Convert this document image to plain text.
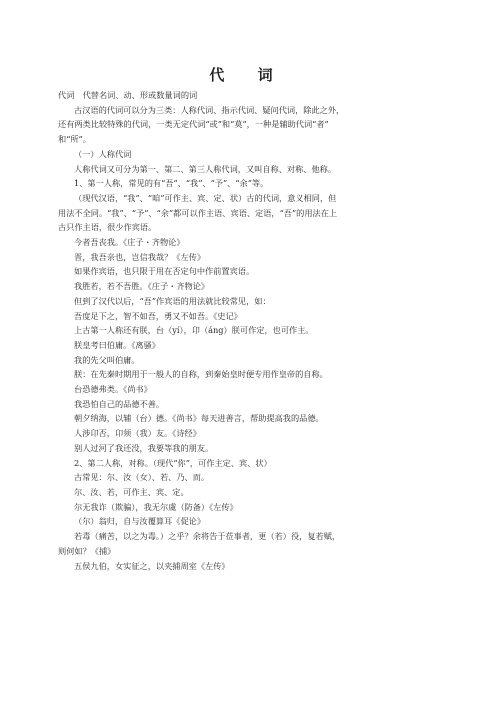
代 词
代词　代替名词、动、形或数量词的词
古汉语的代词可以分为三类：人称代词、指示代词、疑问代词，除此之外，
还有两类比较特殊的代词，一类无定代词“或”和“莫”，一种是辅助代词“者”
和“所”。
（一）人称代词
人称代词又可分为第一、第二、第三人称代词，又叫自称、对称、他称。
1、第一人称，常见的有“吾”、“我”、“予”、“余”等。
（现代汉语，“我”、“咱”可作主、宾、定、状）古的代词，意义相同，但
用法不全同。“我”、“予”、“余”都可以作主语、宾语、定语，“吾”的用法在上
古只作主语，很少作宾语。
今者吾丧我。《庄子・齐物论》
晋，我吾亲也，岂信我哉？《左传》
如果作宾语，也只限于用在否定句中作前置宾语。
我胜若，若不吾胜。《庄子・齐物论》
但到了汉代以后，“吾”作宾语的用法就比较常见，如：
吾度足下之，智不如吾，勇又不如吾。《史记》
上古第一人称还有朕，台（yí），卬（áng）朕可作定，也可作主。
朕皇考曰伯庸。《离骚》
我的先父叫伯庸。
朕：在先秦时期用于一般人的自称，到秦始皇时便专用作皇帝的自称。
台恐德弗类。《尚书》
我恐怕自己的品德不善。
朝夕纳海，以辅（台）德。《尚书》每天进善言，帮助提高我的品德。
人涉卬否，卬须（我）友。《诗经》
别人过河了我还没，我要等我的朋友。
2、第二人称，对称。（现代“你”，可作主定、宾、状）
古常见：尔、汝（女）、若、乃、而。
尔、汝、若，可作主、宾、定。
尔无我诈（欺骗），我无尔虞（防备）《左传》
（尔）翁归，自与汝覆算耳《促论》
若毒（痛苦，以之为毒。）之乎？余将告于莅事者，更（若）役，复若赋，
则何如？《捕》
五侯九伯，女实征之，以夹捕周室《左传》
